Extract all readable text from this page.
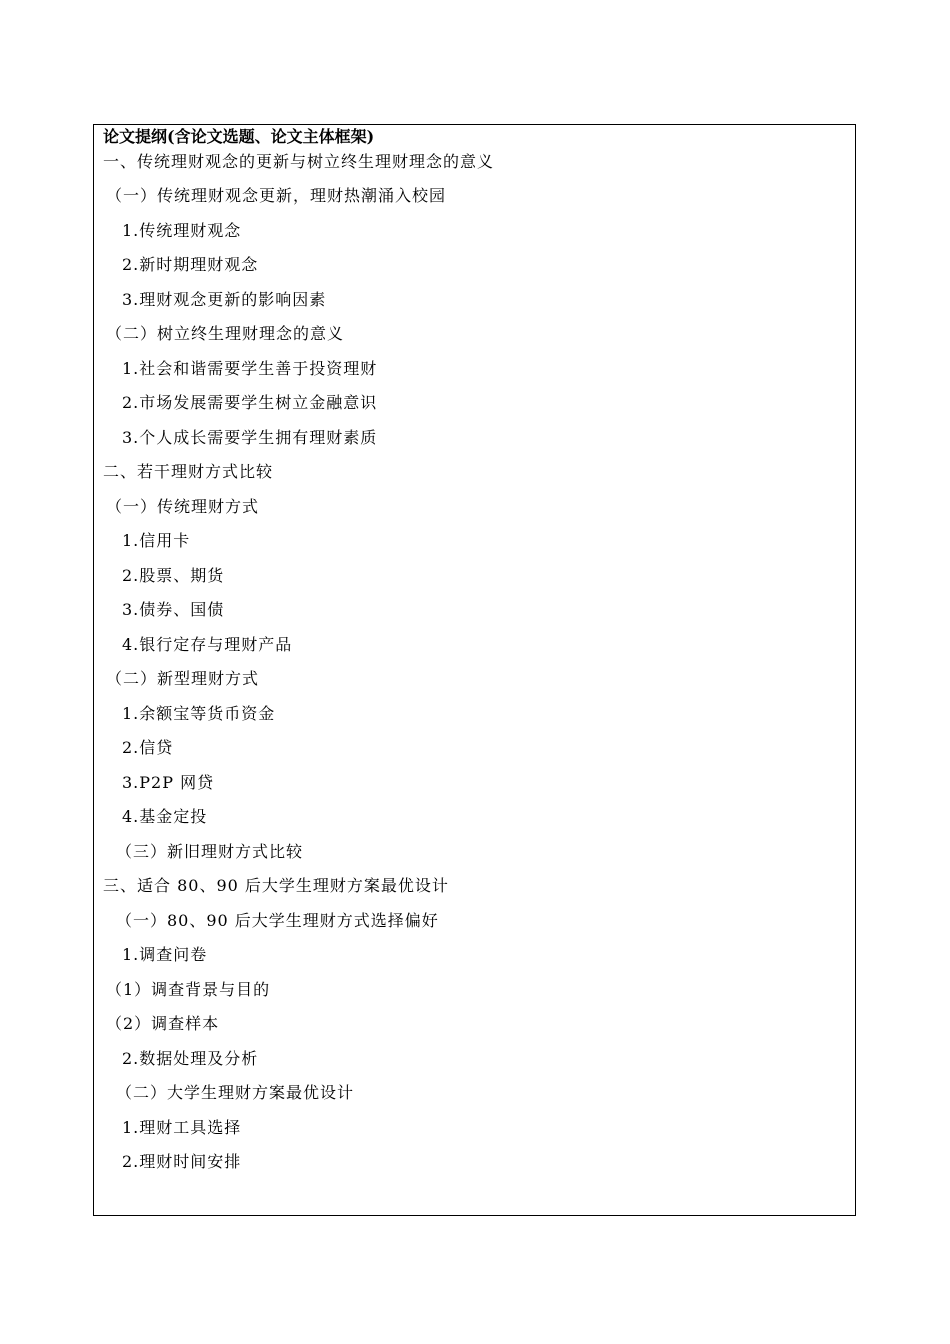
论文提纲(含论文选题、论文主体框架)
一、传统理财观念的更新与树立终生理财理念的意义
（一）传统理财观念更新，理财热潮涌入校园
1.传统理财观念
2.新时期理财观念
3.理财观念更新的影响因素
（二）树立终生理财理念的意义
1.社会和谐需要学生善于投资理财
2.市场发展需要学生树立金融意识
3.个人成长需要学生拥有理财素质
二、若干理财方式比较
（一）传统理财方式
1.信用卡
2.股票、期货
3.债券、国债
4.银行定存与理财产品
（二）新型理财方式
1.余额宝等货币资金
2.信贷
3.P2P 网贷
4.基金定投
（三）新旧理财方式比较
三、适合 80、90 后大学生理财方案最优设计
（一）80、90 后大学生理财方式选择偏好
1.调查问卷
（1）调查背景与目的
（2）调查样本
2.数据处理及分析
（二）大学生理财方案最优设计
1.理财工具选择
2.理财时间安排
